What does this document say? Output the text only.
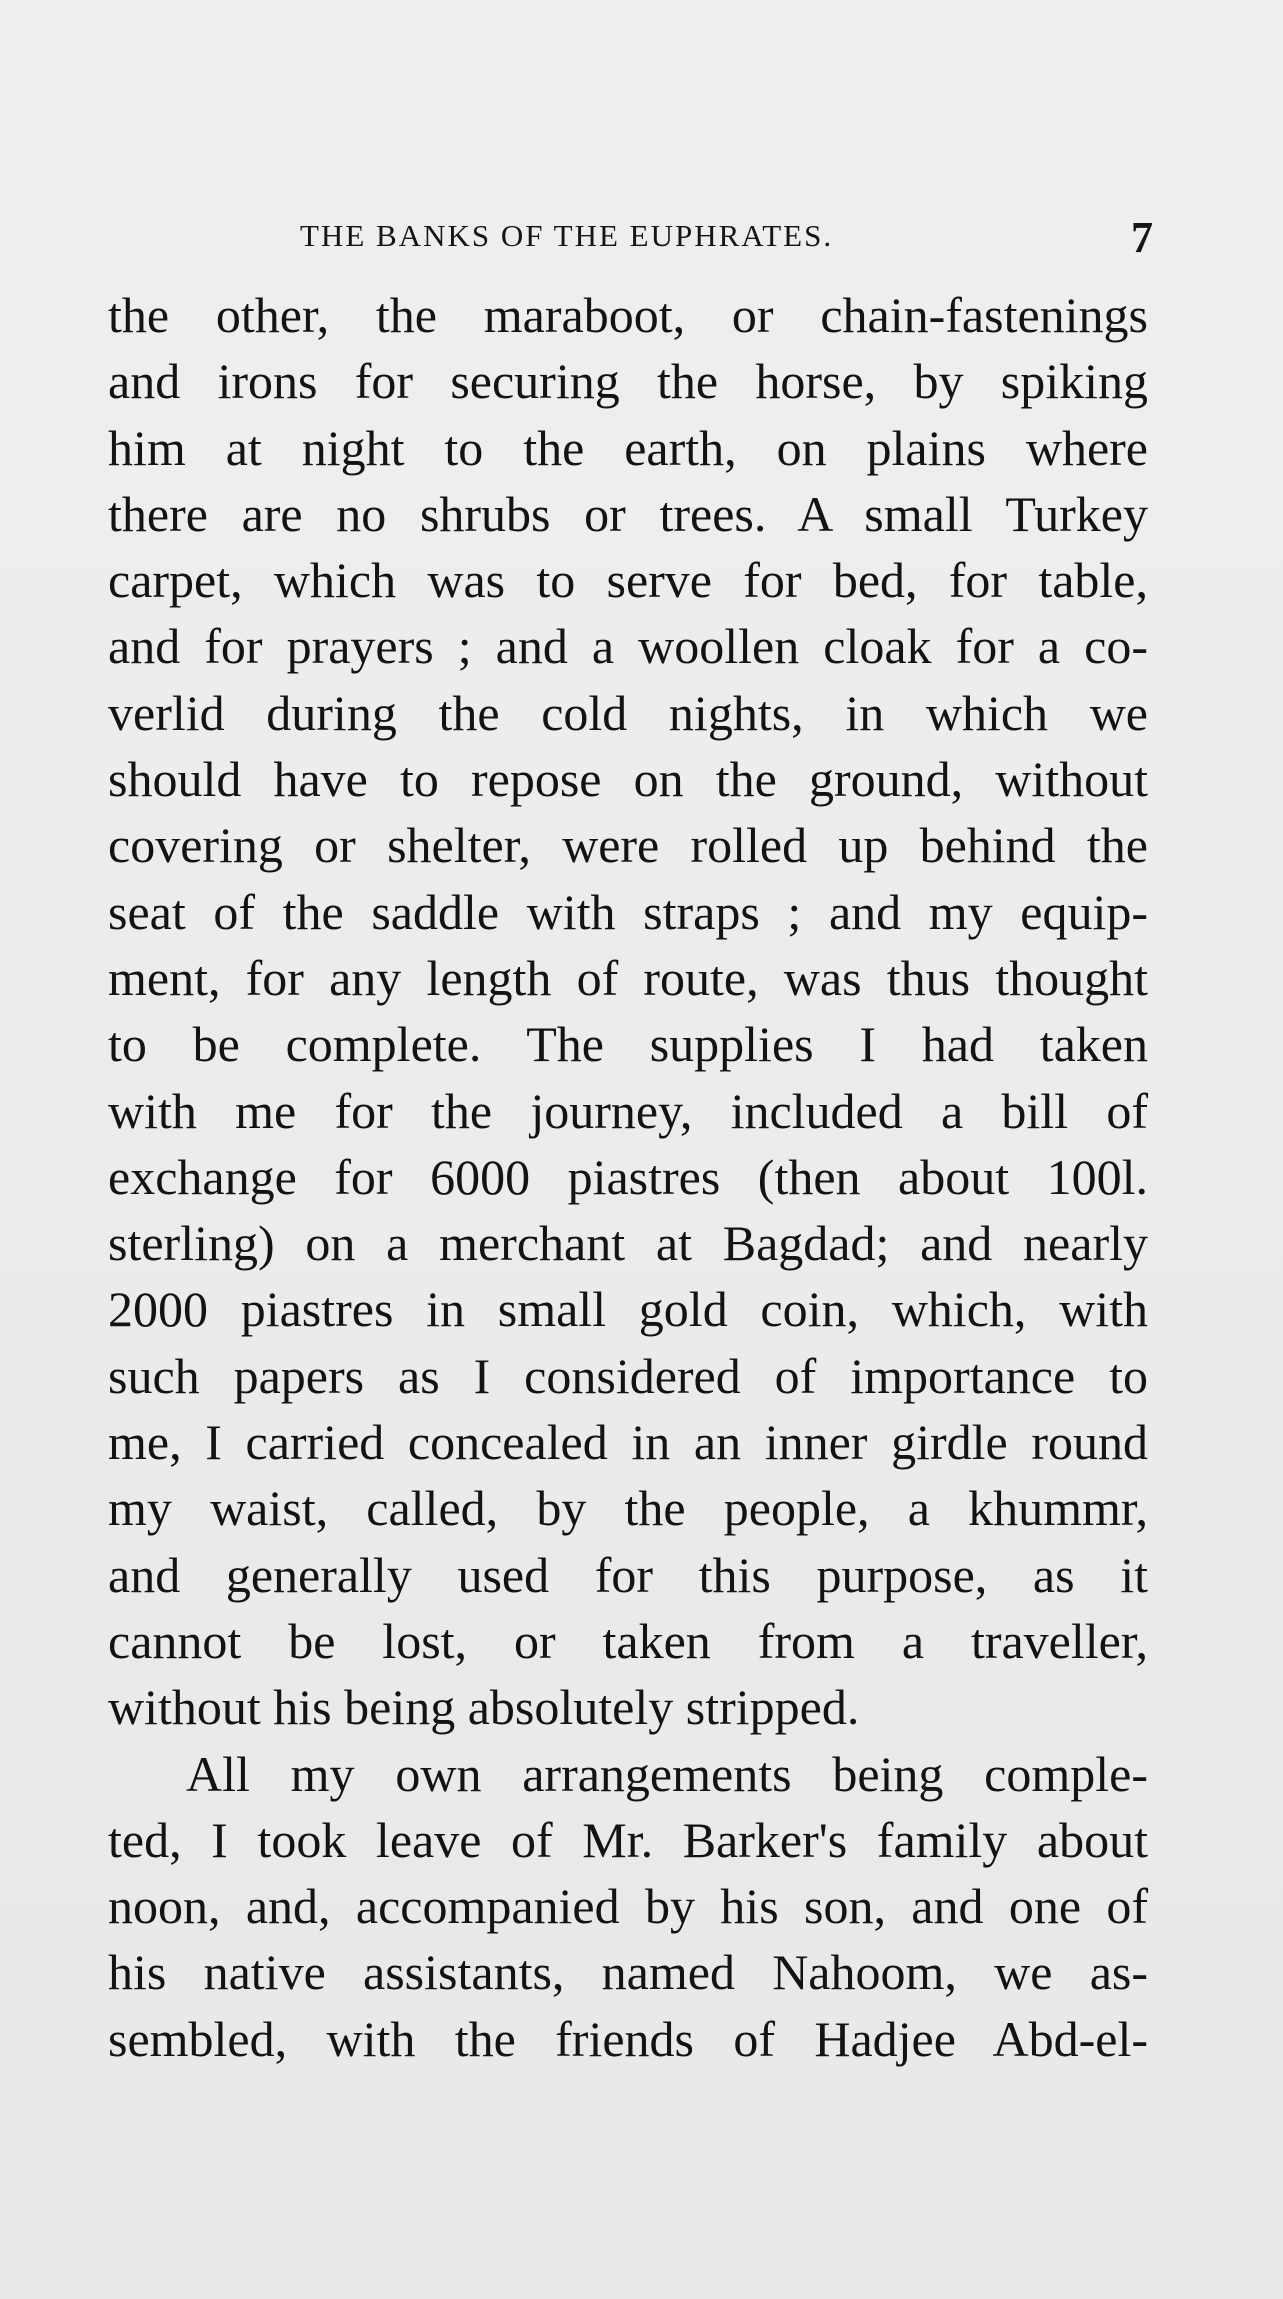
THE BANKS OF THE EUPHRATES.	7
the other, the maraboot, or chain-fastenings
and irons for securing the horse, by spiking
him at night to the earth, on plains where
there are no shrubs or trees. A small Turkey
carpet, which was to serve for bed, for table,
and for prayers ; and a woollen cloak for a co-
verlid during the cold nights, in which we
should have to repose on the ground, without
covering or shelter, were rolled up behind the
seat of the saddle with straps ; and my equip-
ment, for any length of route, was thus thought
to be complete. The supplies I had taken
with me for the journey, included a bill of
exchange for 6000 piastres (then about 100l.
sterling) on a merchant at Bagdad; and nearly
2000 piastres in small gold coin, which, with
such papers as I considered of importance to
me, I carried concealed in an inner girdle round
my waist, called, by the people, a khummr,
and generally used for this purpose, as it
cannot be lost, or taken from a traveller,
without his being absolutely stripped.
All my own arrangements being comple-
ted, I took leave of Mr. Barker's family about
noon, and, accompanied by his son, and one of
his native assistants, named Nahoom, we as-
sembled, with the friends of Hadjee Abd-el-
